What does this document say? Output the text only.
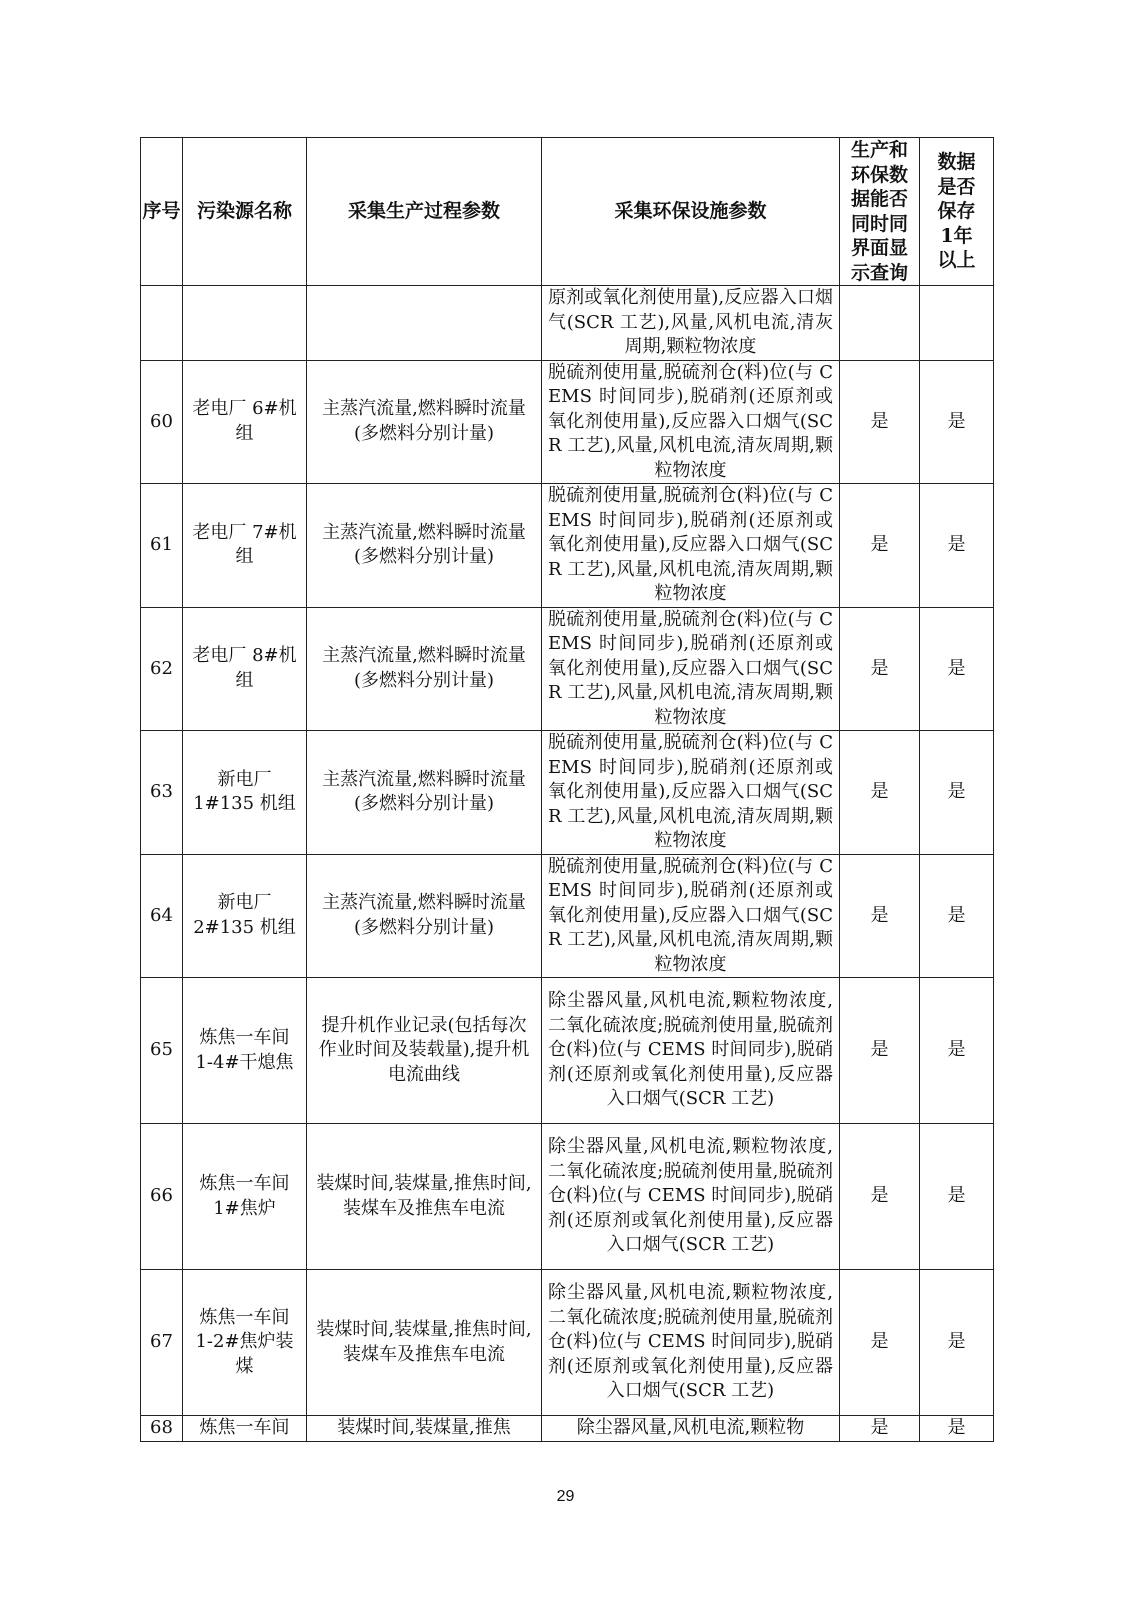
序号	污染源名称	采集生产过程参数	采集环保设施参数	生产和环保数据能否同时同界面显示查询	数据是否保存1年以上

			原剂或氧化剂使用量),反应器入口烟气(SCR 工艺),风量,风机电流,清灰周期,颗粒物浓度		

60	老电厂 6#机组	主蒸汽流量,燃料瞬时流量(多燃料分别计量)	脱硫剂使用量,脱硫剂仓(料)位(与 CEMS 时间同步),脱硝剂(还原剂或氧化剂使用量),反应器入口烟气(SCR 工艺),风量,风机电流,清灰周期,颗粒物浓度	是	是
61	老电厂 7#机组	主蒸汽流量,燃料瞬时流量(多燃料分别计量)	脱硫剂使用量,脱硫剂仓(料)位(与 CEMS 时间同步),脱硝剂(还原剂或氧化剂使用量),反应器入口烟气(SCR 工艺),风量,风机电流,清灰周期,颗粒物浓度	是	是
62	老电厂 8#机组	主蒸汽流量,燃料瞬时流量(多燃料分别计量)	脱硫剂使用量,脱硫剂仓(料)位(与 CEMS 时间同步),脱硝剂(还原剂或氧化剂使用量),反应器入口烟气(SCR 工艺),风量,风机电流,清灰周期,颗粒物浓度	是	是
63	新电厂 1#135 机组	主蒸汽流量,燃料瞬时流量(多燃料分别计量)	脱硫剂使用量,脱硫剂仓(料)位(与 CEMS 时间同步),脱硝剂(还原剂或氧化剂使用量),反应器入口烟气(SCR 工艺),风量,风机电流,清灰周期,颗粒物浓度	是	是
64	新电厂 2#135 机组	主蒸汽流量,燃料瞬时流量(多燃料分别计量)	脱硫剂使用量,脱硫剂仓(料)位(与 CEMS 时间同步),脱硝剂(还原剂或氧化剂使用量),反应器入口烟气(SCR 工艺),风量,风机电流,清灰周期,颗粒物浓度	是	是
65	炼焦一车间 1-4#干熄焦	提升机作业记录(包括每次作业时间及装载量),提升机电流曲线	除尘器风量,风机电流,颗粒物浓度,二氧化硫浓度;脱硫剂使用量,脱硫剂仓(料)位(与 CEMS 时间同步),脱硝剂(还原剂或氧化剂使用量),反应器入口烟气(SCR 工艺)	是	是
66	炼焦一车间 1#焦炉	装煤时间,装煤量,推焦时间,装煤车及推焦车电流	除尘器风量,风机电流,颗粒物浓度,二氧化硫浓度;脱硫剂使用量,脱硫剂仓(料)位(与 CEMS 时间同步),脱硝剂(还原剂或氧化剂使用量),反应器入口烟气(SCR 工艺)	是	是
67	炼焦一车间 1-2#焦炉装煤	装煤时间,装煤量,推焦时间,装煤车及推焦车电流	除尘器风量,风机电流,颗粒物浓度,二氧化硫浓度;脱硫剂使用量,脱硫剂仓(料)位(与 CEMS 时间同步),脱硝剂(还原剂或氧化剂使用量),反应器入口烟气(SCR 工艺)	是	是
68	炼焦一车间	装煤时间,装煤量,推焦	除尘器风量,风机电流,颗粒物	是	是
29
